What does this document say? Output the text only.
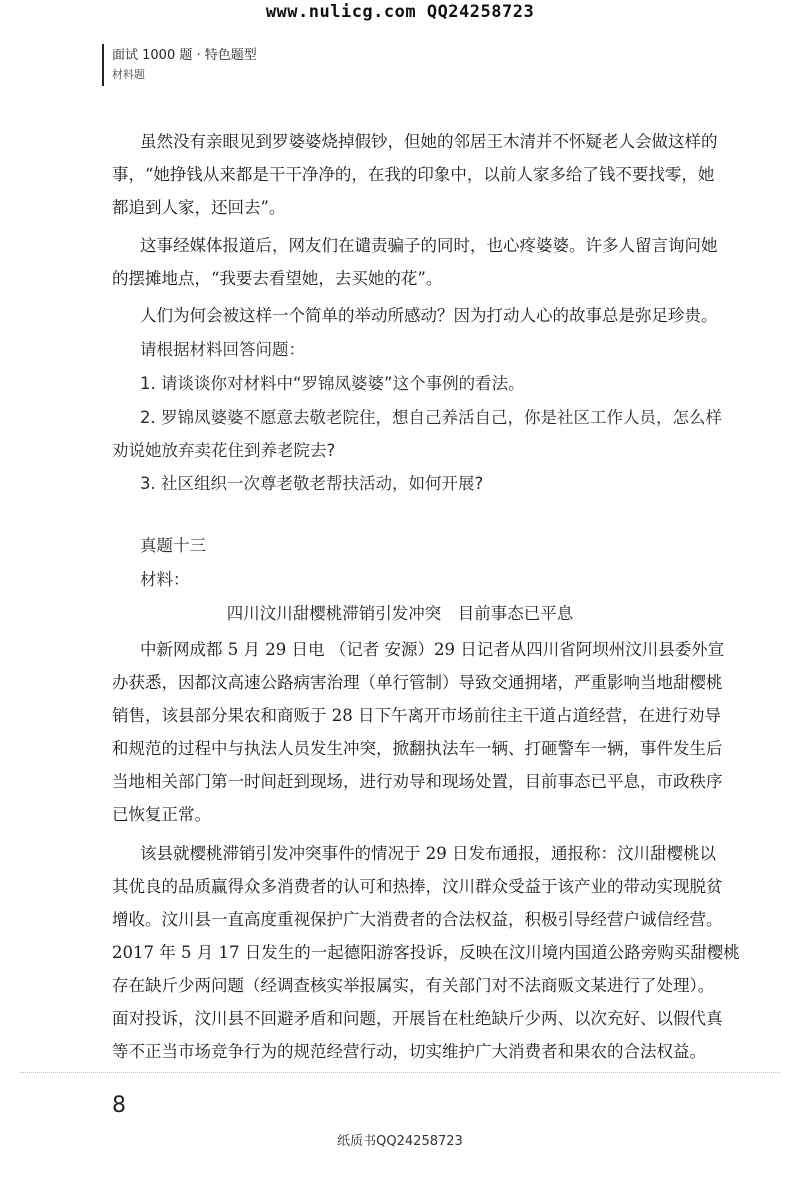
www.nulicg.com QQ24258723
面试 1000 题 · 特色题型
材料题
虽然没有亲眼见到罗婆婆烧掉假钞，但她的邻居王木清并不怀疑老人会做这样的
事，“她挣钱从来都是干干净净的，在我的印象中，以前人家多给了钱不要找零，她
都追到人家，还回去”。
这事经媒体报道后，网友们在谴责骗子的同时，也心疼婆婆。许多人留言询问她
的摆摊地点，“我要去看望她，去买她的花”。
人们为何会被这样一个简单的举动所感动？因为打动人心的故事总是弥足珍贵。
请根据材料回答问题：
1. 请谈谈你对材料中“罗锦凤婆婆”这个事例的看法。
2. 罗锦凤婆婆不愿意去敬老院住，想自己养活自己，你是社区工作人员，怎么样
劝说她放弃卖花住到养老院去?
3. 社区组织一次尊老敬老帮扶活动，如何开展?
真题十三
材料：
四川汶川甜樱桃滞销引发冲突　目前事态已平息
中新网成都 5 月 29 日电 （记者 安源）29 日记者从四川省阿坝州汶川县委外宣
办获悉，因都汶高速公路病害治理（单行管制）导致交通拥堵，严重影响当地甜樱桃
销售，该县部分果农和商贩于 28 日下午离开市场前往主干道占道经营，在进行劝导
和规范的过程中与执法人员发生冲突，掀翻执法车一辆、打砸警车一辆，事件发生后
当地相关部门第一时间赶到现场，进行劝导和现场处置，目前事态已平息，市政秩序
已恢复正常。
该县就樱桃滞销引发冲突事件的情况于 29 日发布通报，通报称：汶川甜樱桃以
其优良的品质赢得众多消费者的认可和热捧，汶川群众受益于该产业的带动实现脱贫
增收。汶川县一直高度重视保护广大消费者的合法权益，积极引导经营户诚信经营。
2017 年 5 月 17 日发生的一起德阳游客投诉，反映在汶川境内国道公路旁购买甜樱桃
存在缺斤少两问题（经调查核实举报属实，有关部门对不法商贩文某进行了处理）。
面对投诉，汶川县不回避矛盾和问题，开展旨在杜绝缺斤少两、以次充好、以假代真
等不正当市场竞争行为的规范经营行动，切实维护广大消费者和果农的合法权益。
8
纸质书QQ24258723
